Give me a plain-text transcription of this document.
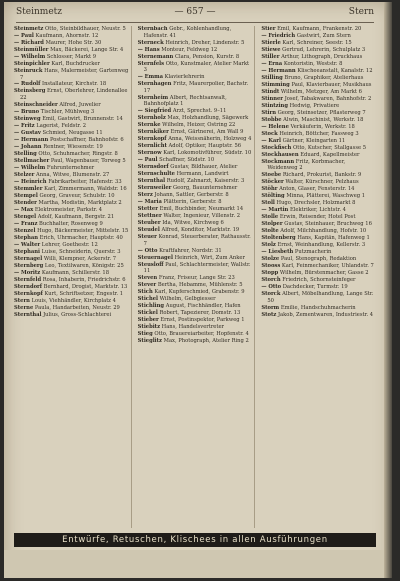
Steinmetz	— 657 —	Stern
Steinmetz Otto, Steinbildhauer, Neustr. 5
— Paul Kaufmann, Ahornstr. 12
— Richard Maurer, Hohe Str. 30
Steinmüller Max, Bäckerei, Lange Str. 4
— Wilhelm Schlosser, Markt 9
Steinpichler Karl, Buchdrucker
Steinruck Hans, Malermeister, Gartenweg 7
— Rudolf Installateur, Kirchstr. 18
Steinsberg Ernst, Oberlehrer, Lindenallee 22
Steinschneider Alfred, Juwelier
— Bruno Tischler, Mühlweg 3
Steinweg Emil, Gastwirt, Brunnenstr. 14
— Fritz Lagerist, Feldstr. 2
— Gustav Schmied, Neugasse 11
— Hermann Postschaffner, Bahnhofstr. 6
— Johann Rentner, Wiesenstr. 19
Stelling Otto, Schuhmacher, Ringstr. 8
Stellmacher Paul, Wagenbauer, Torweg 5
— Wilhelm Fuhrunternehmer
Stelzer Anna, Witwe, Blumenstr. 27
— Heinrich Fabrikarbeiter, Hafenstr. 33
Stemmler Karl, Zimmermann, Waldstr. 16
Stempel Georg, Graveur, Schulstr. 10
Stender Martha, Modistin, Marktplatz 2
— Max Elektromeister, Parkstr. 4
Stengel Adolf, Kaufmann, Bergstr. 21
— Franz Buchhalter, Rosenweg 9
Stenzel Hugo, Bäckermeister, Mittelstr. 15
Stephan Erich, Uhrmacher, Hauptstr. 40
— Walter Lehrer, Goethestr. 12
Stephani Luise, Schneiderin, Querstr. 3
Sternagel Willi, Klempner, Ackerstr. 7
Sternberg Leo, Textilwaren, Königstr. 25
— Moritz Kaufmann, Schillerstr. 18
Sternfeld Rosa, Inhaberin, Friedrichstr. 6
Sterndorf Bernhard, Drogist, Marktstr. 13
Sternkopf Kurt, Schriftsetzer, Engestr. 1
Stern Louis, Viehhändler, Kirchplatz 4
Sterne Paula, Handarbeiten, Neustr. 29
Sternthal Julius, Gross-Schlachterei
Sternbach Gebr., Kohlenhandlung, Hafenstr. 41
Sterneck Heinrich, Dreher, Lindenstr. 5
— Hans Monteur, Feldweg 12
Sternemann Clara, Pension, Kurstr. 8
Sternfels Otto, Kunstmaler, Atelier Markt 3
— Emma Klavierlehrerin
Sternhagen Fritz, Maurerpolier, Bachstr. 17
Sternheim Albert, Rechtsanwalt, Bahnhofplatz 1
— Siegfried Arzt, Sprechst. 9–11
Sternholz Max, Holzhandlung, Sägewerk
Sternke Wilhelm, Heizer, Ostring 22
Sternkiker Ernst, Gärtnerei, Am Wall 9
Sternkopf Anna, Weissnäherin, Holzweg 4
Sternlicht Adolf, Optiker, Hauptstr. 56
Sternow Karl, Lokomotivführer, Südstr. 10
— Paul Schaffner, Südstr. 10
Sternsdorf Gustav, Bildhauer, Atelier
Sternschulte Hermann, Landwirt
Sternthal Rudolf, Zahnarzt, Kaiserstr. 3
Sternweiler Georg, Bauunternehmer
Sterz Johann, Sattler, Gerberstr. 8
— Maria Plätterin, Gerberstr. 8
Stetter Emil, Buchbinder, Neumarkt 14
Stettner Walter, Ingenieur, Villenstr. 2
Steuber Ida, Witwe, Kirchweg 6
Steudel Alfred, Konditor, Marktstr. 19
Steuer Konrad, Steuerberater, Rathausstr. 7
— Otto Kraftfahrer, Nordstr. 31
Steuernagel Heinrich, Wirt, Zum Anker
Steusloff Paul, Schlachtermeister, Wallstr. 11
Steven Franz, Friseur, Lange Str. 23
Stever Bertha, Hebamme, Mühlenstr. 5
Stich Karl, Kupferschmied, Grabenstr. 9
Stichel Wilhelm, Gelbgiesser
Stichling August, Fischhändler, Hafen
Stickel Robert, Tapezierer, Domstr. 13
Stieber Ernst, Postinspektor, Parkweg 1
Stiebitz Hans, Handelsvertreter
Stieg Otto, Brauereiarbeiter, Hopfenstr. 4
Stieglitz Max, Photograph, Atelier Ring 2
Stier Emil, Kaufmann, Frankenstr. 20
— Friedrich Gastwirt, Zum Stern
Stierle Karl, Schreiner, Seestr. 15
Stiewe Gertrud, Lehrerin, Schulplatz 3
Stiller Arthur, Lithograph, Druckhaus
— Erna Kontoristin, Weststr. 8
— Hermann Klischeeanstalt, Kanalstr. 12
Stilling Bruno, Graphiker, Atelierhaus
Stimming Paul, Klavierbauer, Musikhaus
Stindt Wilhelm, Metzger, Am Markt 6
Stinner Josef, Tabakwaren, Bahnhofstr. 2
Stintzing Hedwig, Privatiere
Stirn Georg, Steinsetzer, Pflasterweg 7
Stobbe Alwin, Maschinist, Werkstr. 18
— Helene Verkäuferin, Werkstr. 18
Stock Heinrich, Böttcher, Fassweg 3
— Karl Gärtner, Kleingarten 11
Stockfisch Otto, Kutscher, Stallgasse 5
Stockhausen Eduard, Kapellmeister
Stockmann Fritz, Korbmacher, Weidenweg 2
Stoebe Richard, Prokurist, Bankstr. 9
Stöcker Walter, Kürschner, Pelzhaus
Stöhr Anton, Glaser, Fensterstr. 14
Stölting Minna, Plätterei, Waschweg 1
Stoll Hugo, Drechsler, Holzmarkt 8
— Martin Elektriker, Lichtstr. 4
Stolle Erwin, Reisender, Hotel Post
Stolper Gustav, Steinhauer, Bruchweg 16
Stolte Adolf, Milchhandlung, Hofstr. 10
Stoltenberg Hans, Kapitän, Hafenweg 1
Stolz Ernst, Weinhandlung, Kellerstr. 3
— Liesbeth Putzmacherin
Stolze Paul, Stenograph, Redaktion
Stooss Karl, Feinmechaniker, Uhlandstr. 7
Stopp Wilhelm, Bürstenmacher, Gasse 2
Storch Friedrich, Schornsteinfeger
— Otto Dachdecker, Turmstr. 19
Storck Albert, Möbelhandlung, Lange Str. 50
Storm Emilie, Handschuhmacherin
Stotz Jakob, Zementwaren, Industriestr. 4
Entwürfe, Retuschen, Klischees in allen Ausführungen
